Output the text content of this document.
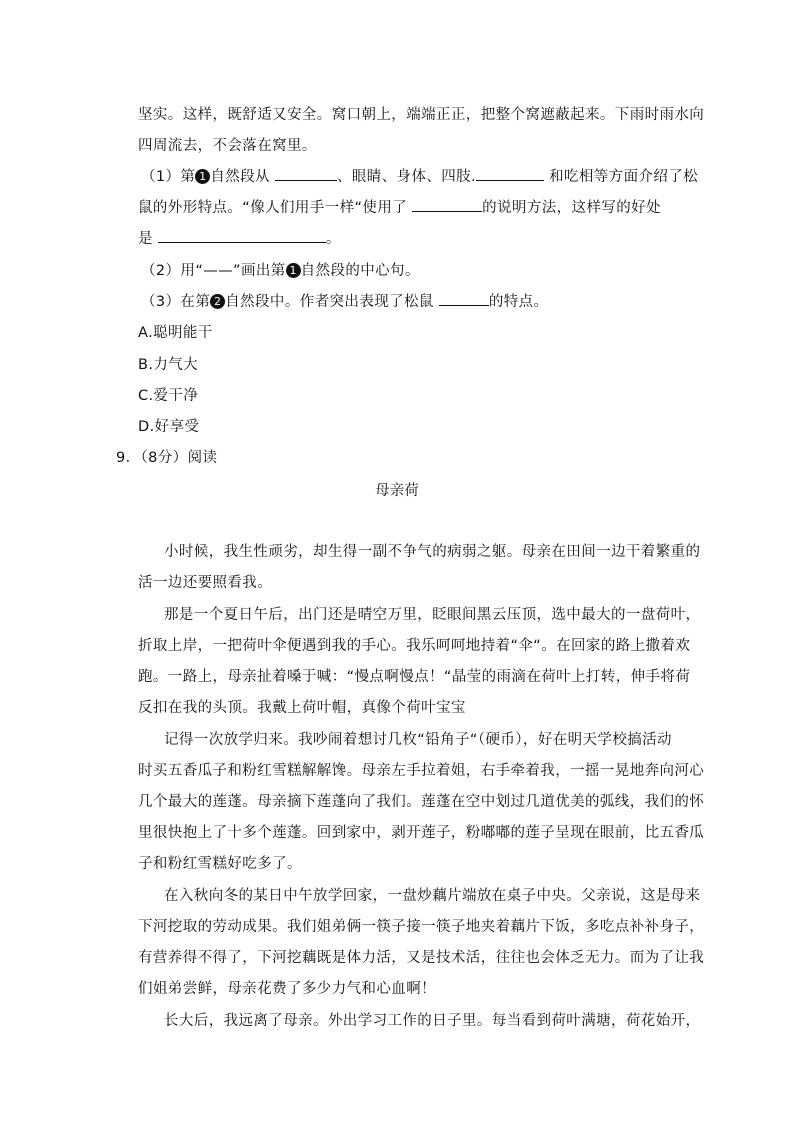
坚实。这样，既舒适又安全。窝口朝上，端端正正，把整个窝遮蔽起来。下雨时雨水向
四周流去，不会落在窝里。
（1）第 1 自然段从	、眼睛、身体、四肢.	和吃相等方面介绍了松
鼠的外形特点。“像人们用手一样“使用了	的说明方法，这样写的好处
是	。
（2）用“——”画出第 1 自然段的中心句。
（3）在第 2 自然段中。作者突出表现了松鼠	的特点。
A.聪明能干
B.力气大
C.爱干净
D.好享受
9．（8分）阅读
母亲荷
小时候，我生性顽劣，却生得一副不争气的病弱之躯。母亲在田间一边干着繁重的
活一边还要照看我。
那是一个夏日午后，出门还是晴空万里，眨眼间黑云压顶，选中最大的一盘荷叶，
折取上岸，一把荷叶伞便遇到我的手心。我乐呵呵地持着“伞“。在回家的路上撒着欢
跑。一路上，母亲扯着嗓于喊：“慢点啊慢点！“晶莹的雨滴在荷叶上打转，伸手将荷
反扣在我的头顶。我戴上荷叶帽，真像个荷叶宝宝
记得一次放学归来。我吵闹着想讨几枚“铅角子“（硬币），好在明天学校搞活动
时买五香瓜子和粉红雪糕解解馋。母亲左手拉着姐，右手牵着我，一摇一晃地奔向河心
几个最大的莲蓬。母亲摘下莲蓬向了我们。莲蓬在空中划过几道优美的弧线，我们的怀
里很快抱上了十多个莲蓬。回到家中，剥开莲子，粉嘟嘟的莲子呈现在眼前，比五香瓜
子和粉红雪糕好吃多了。
在入秋向冬的某日中午放学回家，一盘炒藕片端放在桌子中央。父亲说，这是母来
下河挖取的劳动成果。我们姐弟俩一筷子接一筷子地夹着藕片下饭，多吃点补补身子，
有营养得不得了，下河挖藕既是体力活，又是技术活，往往也会体乏无力。而为了让我
们姐弟尝鲜，母亲花费了多少力气和心血啊！
长大后，我远离了母亲。外出学习工作的日子里。每当看到荷叶满塘，荷花始开，
